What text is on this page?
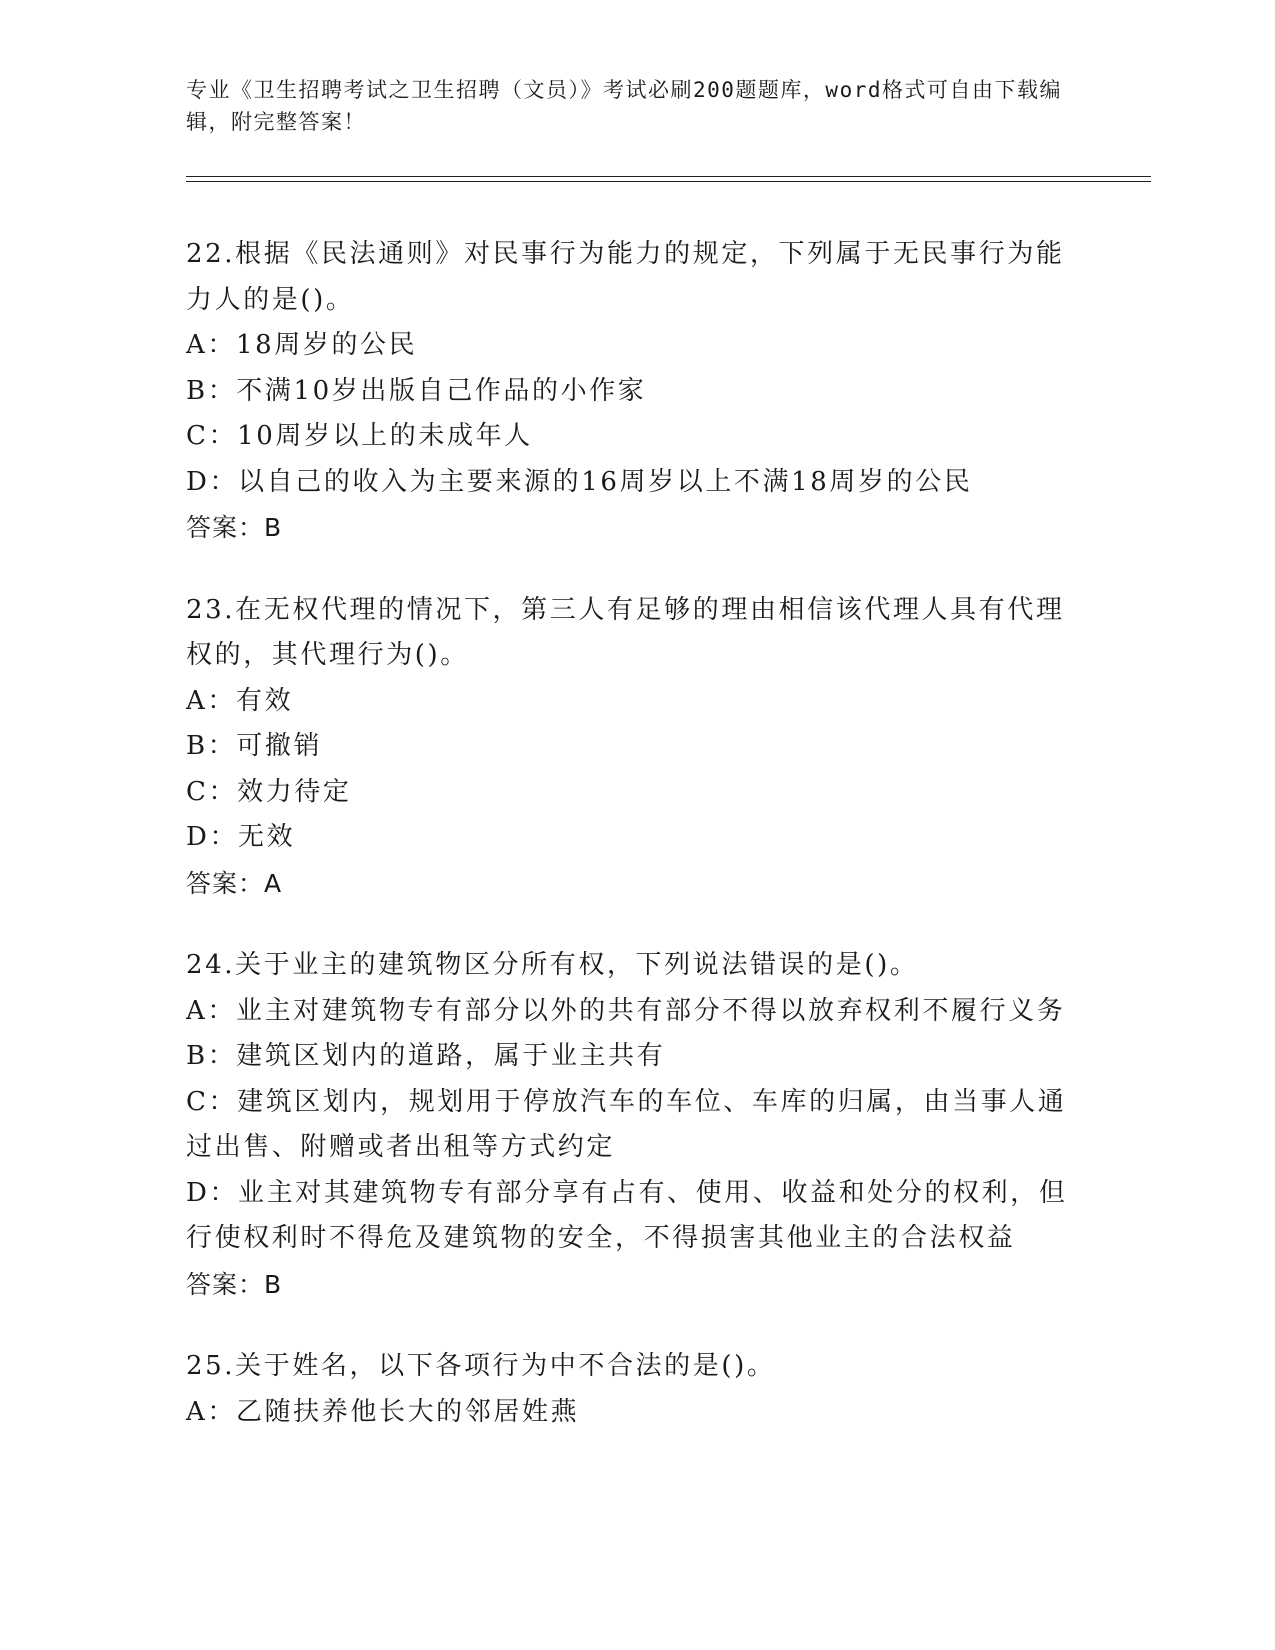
专业《卫生招聘考试之卫生招聘（文员）》考试必刷200题题库，word格式可自由下载编辑，附完整答案！

22.根据《民法通则》对民事行为能力的规定，下列属于无民事行为能力人的是()。

A：18周岁的公民

B：不满10岁出版自己作品的小作家

C：10周岁以上的未成年人

D：以自己的收入为主要来源的16周岁以上不满18周岁的公民

答案：B

23.在无权代理的情况下，第三人有足够的理由相信该代理人具有代理权的，其代理行为()。

A：有效

B：可撤销

C：效力待定

D：无效

答案：A

24.关于业主的建筑物区分所有权，下列说法错误的是()。

A：业主对建筑物专有部分以外的共有部分不得以放弃权利不履行义务

B：建筑区划内的道路，属于业主共有

C：建筑区划内，规划用于停放汽车的车位、车库的归属，由当事人通过出售、附赠或者出租等方式约定

D：业主对其建筑物专有部分享有占有、使用、收益和处分的权利，但行使权利时不得危及建筑物的安全，不得损害其他业主的合法权益

答案：B

25.关于姓名，以下各项行为中不合法的是()。

A：乙随扶养他长大的邻居姓燕
